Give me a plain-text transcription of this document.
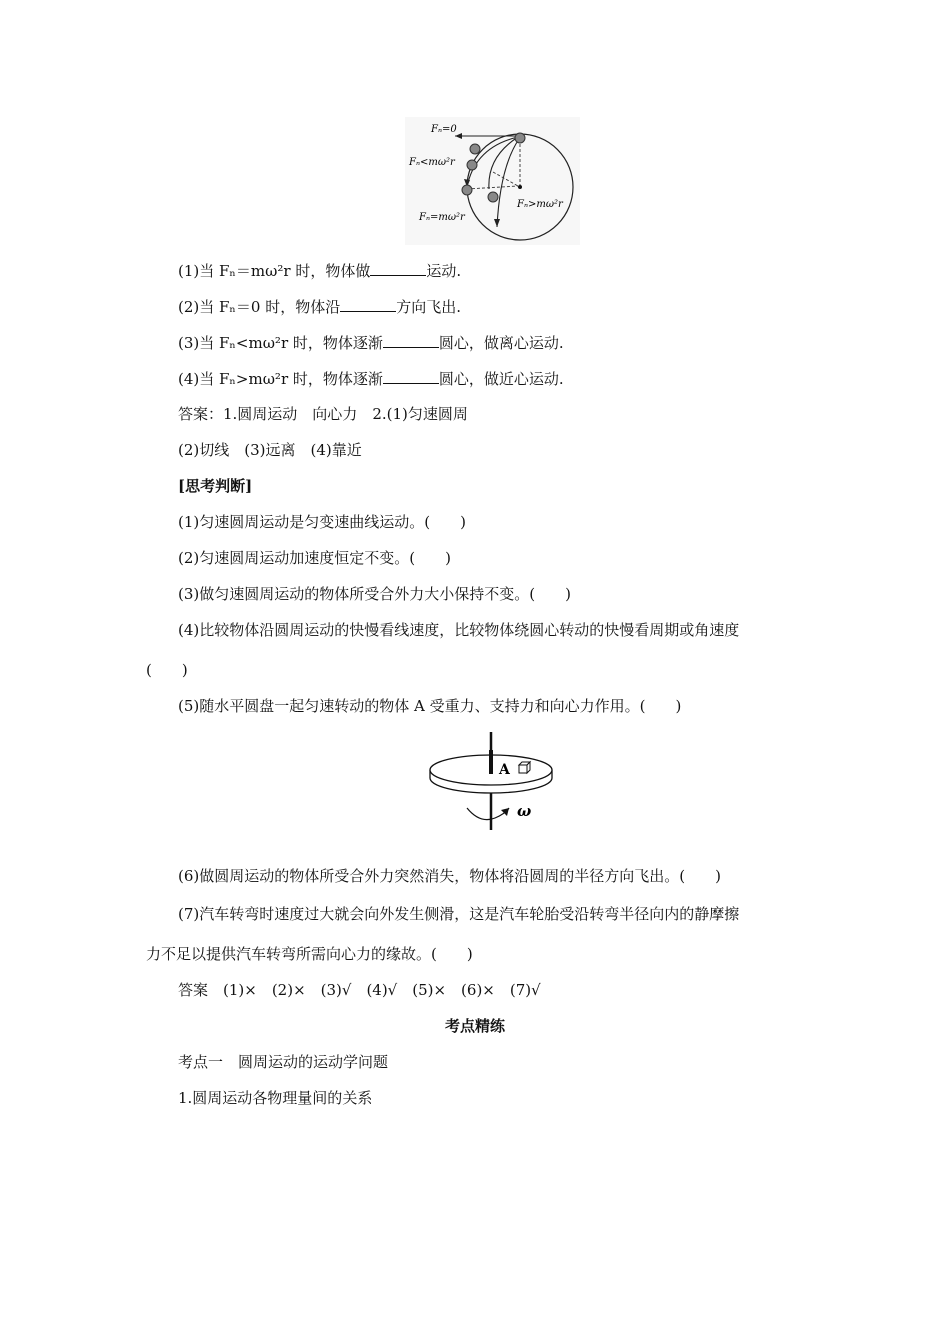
Fₙ=0
Fₙ<mω²r
Fₙ=mω²r
Fₙ>mω²r
(1)当 Fₙ＝mω²r 时，物体做	运动.
(2)当 Fₙ＝0 时，物体沿	方向飞出.
(3)当 Fₙ<mω²r 时，物体逐渐	圆心，做离心运动.
(4)当 Fₙ>mω²r 时，物体逐渐	圆心，做近心运动.
答案：1.圆周运动　向心力　2.(1)匀速圆周
(2)切线　(3)远离　(4)靠近
[思考判断]
(1)匀速圆周运动是匀变速曲线运动。(　　)
(2)匀速圆周运动加速度恒定不变。(　　)
(3)做匀速圆周运动的物体所受合外力大小保持不变。(　　)
(4)比较物体沿圆周运动的快慢看线速度，比较物体绕圆心转动的快慢看周期或角速度
(　　)
(5)随水平圆盘一起匀速转动的物体 A 受重力、支持力和向心力作用。(　　)
A
ω
(6)做圆周运动的物体所受合外力突然消失，物体将沿圆周的半径方向飞出。(　　)
(7)汽车转弯时速度过大就会向外发生侧滑，这是汽车轮胎受沿转弯半径向内的静摩擦
力不足以提供汽车转弯所需向心力的缘故。(　　)
答案　(1)×　(2)×　(3)√　(4)√　(5)×　(6)×　(7)√
考点精练
考点一　圆周运动的运动学问题
1.圆周运动各物理量间的关系
